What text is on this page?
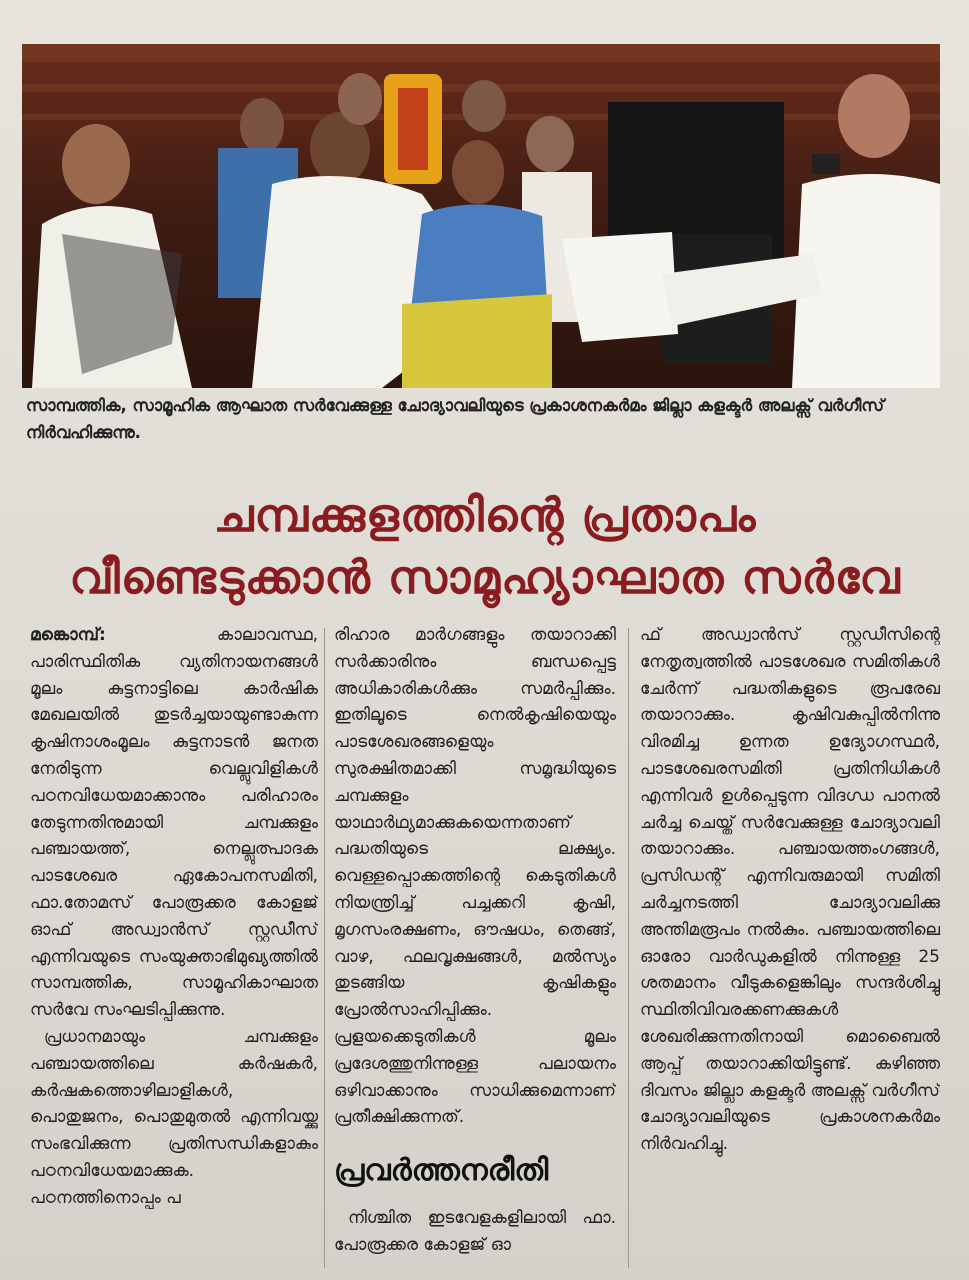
സാമ്പത്തിക, സാമൂഹിക ആഘാത സർവേക്കുള്ള ചോദ്യാവലിയുടെ പ്രകാശനകർമം ജില്ലാ കളക്ടർ അലക്സ് വർഗീസ് നിർവഹിക്കുന്നു.
ചമ്പക്കുളത്തിന്റെ പ്രതാപം
വീണ്ടെടുക്കാൻ സാമൂഹ്യാഘാത സർവേ

മങ്കൊമ്പ്:	കാലാവസ്ഥ, പാരിസ്ഥിതിക വ്യതിനായനങ്ങൾ മൂലം കുട്ടനാട്ടിലെ കാർഷിക മേഖലയിൽ തുടർച്ചയായുണ്ടാകുന്ന കൃഷിനാശംമൂലം കുട്ടനാടൻ ജനത നേരിടുന്ന വെല്ലുവിളികൾ പഠനവിധേയമാക്കാനും പരിഹാരം തേടുന്നതിനുമായി ചമ്പക്കുളം പഞ്ചായത്ത്, നെല്ലുത്പാദക പാടശേഖര ഏകോപനസമിതി, ഫാ.തോമസ് പോരൂക്കര കോളജ് ഓഫ് അഡ്വാൻസ് സ്റ്റഡീസ് എന്നിവയുടെ സംയുക്താഭിമുഖ്യത്തിൽ സാമ്പത്തിക, സാമൂഹികാഘാത സർവേ സംഘടിപ്പിക്കുന്നു.

പ്രധാനമായും ചമ്പക്കുളം പഞ്ചായത്തിലെ കർഷകർ, കർഷകത്തൊഴിലാളികൾ, പൊതുജനം, പൊതുമുതൽ എന്നിവയ്ക്കു സംഭവിക്കുന്ന പ്രതിസന്ധികളാകും പഠനവിധേയമാക്കുക. പഠനത്തിനൊപ്പം പ

രിഹാര മാർഗങ്ങളും തയാറാക്കി സർക്കാരിനും ബന്ധപ്പെട്ട അധികാരികൾക്കും സമർപ്പിക്കും. ഇതിലൂടെ നെൽകൃഷിയെയും പാടശേഖരങ്ങളെയും സുരക്ഷിതമാക്കി സമൃദ്ധിയുടെ ചമ്പക്കുളം യാഥാർഥ്യമാക്കുകയെന്നതാണ് പദ്ധതിയുടെ ലക്ഷ്യം. വെള്ളപ്പൊക്കത്തിന്റെ കെടുതികൾ നിയന്ത്രിച്ച് പച്ചക്കറി കൃഷി, മൃഗസംരക്ഷണം, ഔഷധം, തെങ്ങ്, വാഴ, ഫലവൃക്ഷങ്ങൾ, മൽസ്യം തുടങ്ങിയ കൃഷികളും പ്രോൽസാഹിപ്പിക്കും. പ്രളയക്കെടുതികൾ മൂലം പ്രദേശത്തുനിന്നുള്ള പലായനം ഒഴിവാക്കാനും സാധിക്കുമെന്നാണ് പ്രതീക്ഷിക്കുന്നത്.

പ്രവർത്തനരീതി

നിശ്ചിത ഇടവേളകളിലായി ഫാ. പോരൂക്കര കോളജ് ഓ

ഫ് അഡ്വാൻസ് സ്റ്റഡീസിന്റെ നേതൃത്വത്തിൽ പാടശേഖര സമിതികൾ ചേർന്ന് പദ്ധതികളുടെ രൂപരേഖ തയാറാക്കും. കൃഷിവകുപ്പിൽനിന്നു വിരമിച്ച ഉന്നത ഉദ്യോഗസ്ഥർ, പാടശേഖരസമിതി പ്രതിനിധികൾ എന്നിവർ ഉൾപ്പെടുന്ന വിദഗ്ധ പാനൽ ചർച്ച ചെയ്ത് സർവേക്കുള്ള ചോദ്യാവലി തയാറാക്കും. പഞ്ചായത്തംഗങ്ങൾ, പ്രസിഡന്റ് എന്നിവരുമായി സമിതി ചർച്ചനടത്തി ചോദ്യാവലിക്കു അന്തിമരൂപം നൽകും. പഞ്ചായത്തിലെ ഓരോ വാർഡുകളിൽ നിന്നുള്ള 25 ശതമാനം വീടുകളെങ്കിലും സന്ദർശിച്ചു സ്ഥിതിവിവരക്കണക്കുകൾ ശേഖരിക്കുന്നതിനായി മൊബൈൽ ആപ്പ് തയാറാക്കിയിട്ടുണ്ട്. കഴിഞ്ഞ ദിവസം ജില്ലാ കളക്ടർ അലക്സ് വർഗീസ് ചോദ്യാവലിയുടെ പ്രകാശനകർമം നിർവഹിച്ചു.
